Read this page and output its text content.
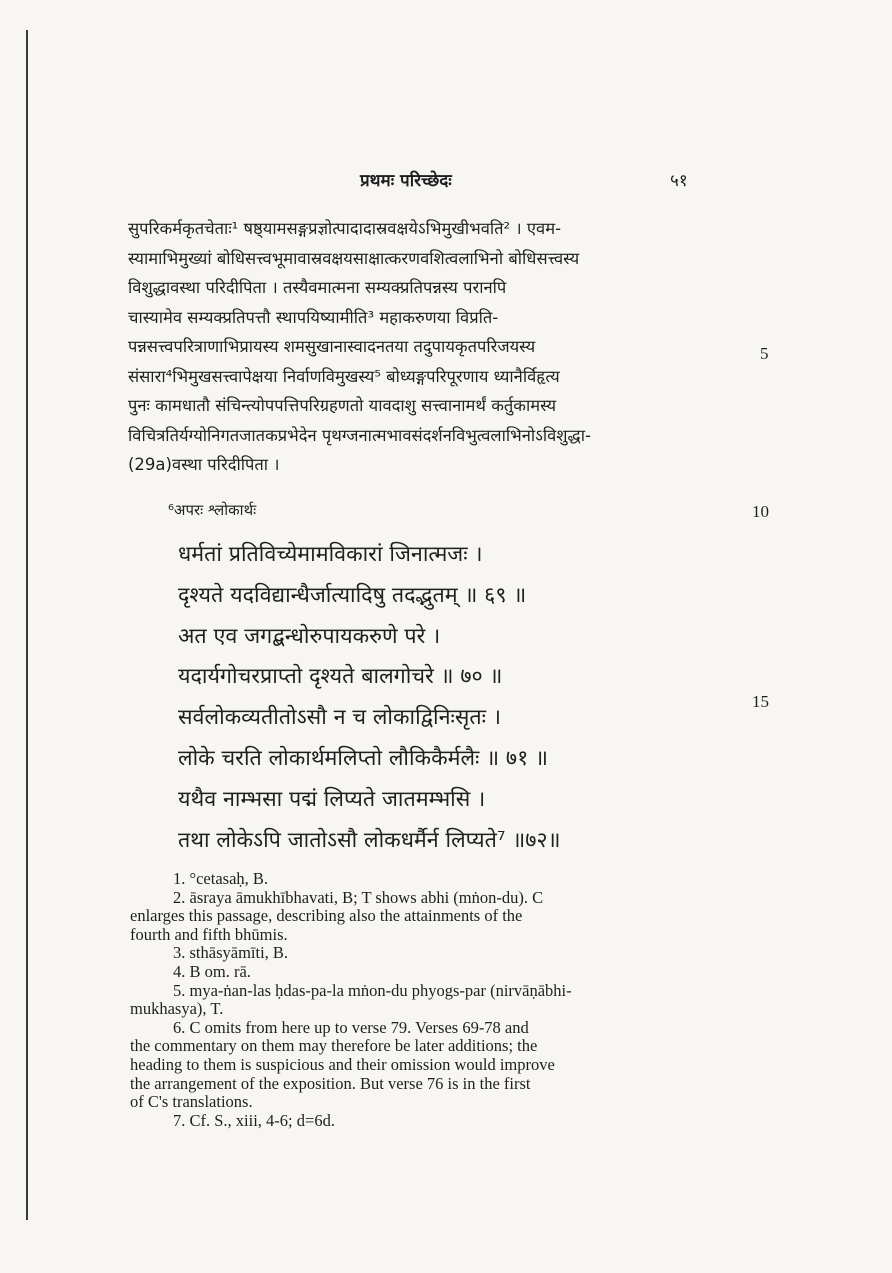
प्रथमः परिच्छेदः	५१
सुपरिकर्मकृतचेताः¹ षष्ठ्यामसङ्गप्रज्ञोत्पादादास्रवक्षयेऽभिमुखीभवति² । एवम-
स्यामाभिमुख्यां बोधिसत्त्वभूमावास्रवक्षयसाक्षात्करणवशित्वलाभिनो बोधिसत्त्वस्य
विशुद्धावस्था परिदीपिता । तस्यैवमात्मना सम्यक्प्रतिपन्नस्य परानपि
चास्यामेव सम्यक्प्रतिपत्तौ स्थापयिष्यामीति³ महाकरुणया विप्रति-
पन्नसत्त्वपरित्राणाभिप्रायस्य शमसुखानास्वादनतया तदुपायकृतपरिजयस्य
संसारा⁴भिमुखसत्त्वापेक्षया निर्वाणविमुखस्य⁵ बोध्यङ्गपरिपूरणाय ध्यानैर्विहृत्य
पुनः कामधातौ संचिन्त्योपपत्तिपरिग्रहणतो यावदाशु सत्त्वानामर्थं कर्तुकामस्य
विचित्रतिर्यग्योनिगतजातकप्रभेदेन पृथग्जनात्मभावसंदर्शनविभुत्वलाभिनोऽविशुद्धा-
(29a)वस्था परिदीपिता ।
⁶अपरः श्लोकार्थः
धर्मतां प्रतिविच्येमामविकारां जिनात्मजः ।
दृश्यते यदविद्यान्धैर्जात्यादिषु तदद्भुतम् ॥ ६९ ॥
अत एव जगद्बन्धोरुपायकरुणे परे ।
यदार्यगोचरप्राप्तो दृश्यते बालगोचरे ॥ ७० ॥
सर्वलोकव्यतीतोऽसौ न च लोकाद्विनिःसृतः ।
लोके चरति लोकार्थमलिप्तो लौकिकैर्मलैः ॥ ७१ ॥
यथैव नाम्भसा पद्मं लिप्यते जातमम्भसि ।
तथा लोकेऽपि जातोऽसौ लोकधर्मैर्न लिप्यते⁷ ॥७२॥
5
10
15
1. °cetasaḥ, B.
2. āsraya āmukhībhavati, B; T shows abhi (mṅon-du). C
enlarges this passage, describing also the attainments of the
fourth and fifth bhūmis.
3. sthāsyāmīti, B.
4. B om. rā.
5. mya-ṅan-las ḥdas-pa-la mṅon-du phyogs-par (nirvāṇābhi-
mukhasya), T.
6. C omits from here up to verse 79. Verses 69-78 and
the commentary on them may therefore be later additions; the
heading to them is suspicious and their omission would improve
the arrangement of the exposition. But verse 76 is in the first
of C's translations.
7. Cf. S., xiii, 4-6; d=6d.
